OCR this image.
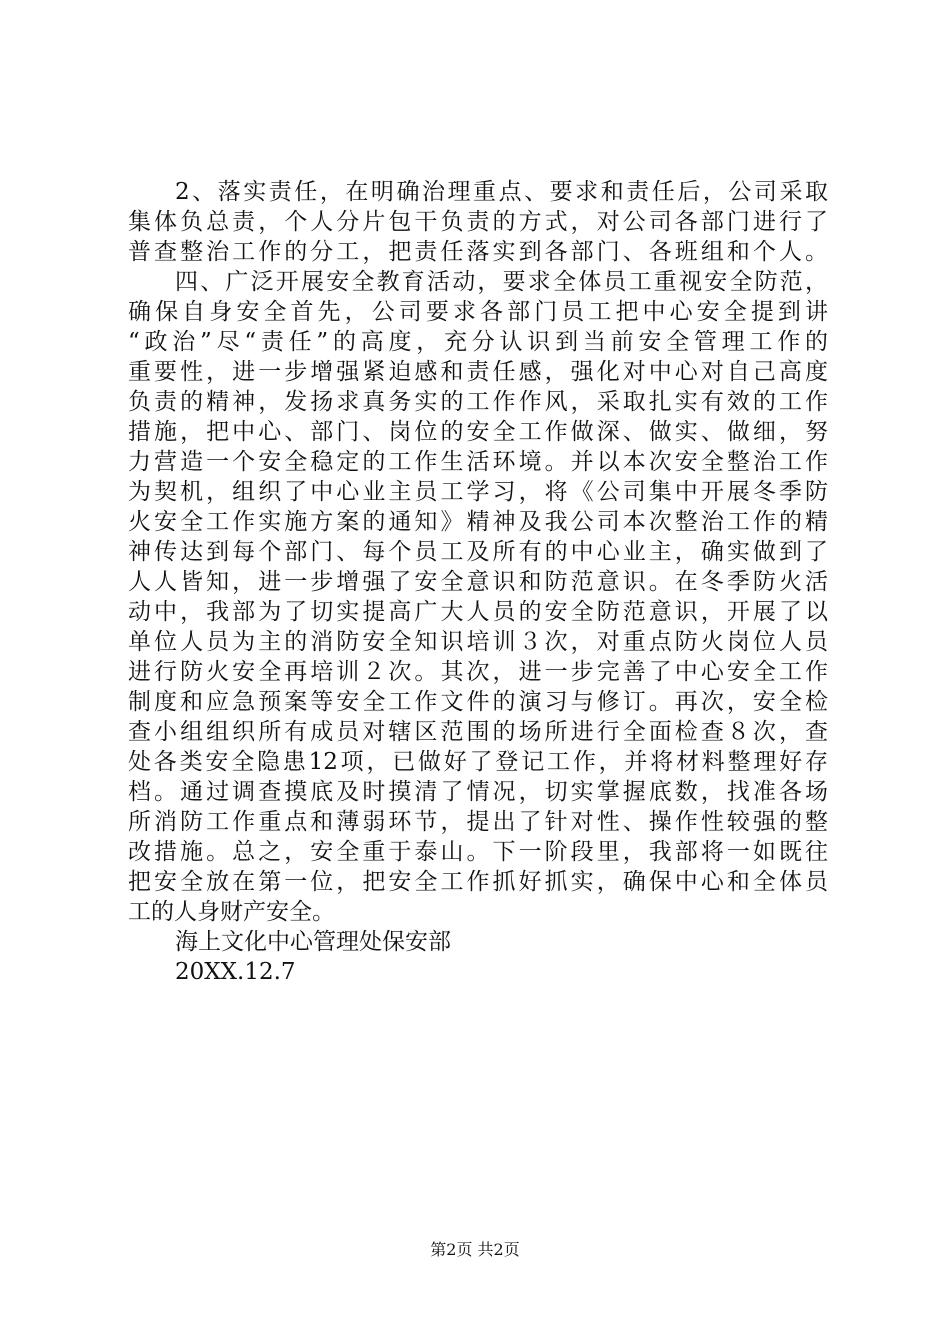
2、落实责任，在明确治理重点、要求和责任后，公司采取
集体负总责，个人分片包干负责的方式，对公司各部门进行了
普查整治工作的分工，把责任落实到各部门、各班组和个人。
四、广泛开展安全教育活动，要求全体员工重视安全防范，
确保自身安全首先，公司要求各部门员工把中心安全提到讲
“政治”尽“责任”的高度，充分认识到当前安全管理工作的
重要性，进一步增强紧迫感和责任感，强化对中心对自己高度
负责的精神，发扬求真务实的工作作风，采取扎实有效的工作
措施，把中心、部门、岗位的安全工作做深、做实、做细，努
力营造一个安全稳定的工作生活环境。并以本次安全整治工作
为契机，组织了中心业主员工学习，将《公司集中开展冬季防
火安全工作实施方案的通知》精神及我公司本次整治工作的精
神传达到每个部门、每个员工及所有的中心业主，确实做到了
人人皆知，进一步增强了安全意识和防范意识。在冬季防火活
动中，我部为了切实提高广大人员的安全防范意识，开展了以
单位人员为主的消防安全知识培训３次，对重点防火岗位人员
进行防火安全再培训２次。其次，进一步完善了中心安全工作
制度和应急预案等安全工作文件的演习与修订。再次，安全检
查小组组织所有成员对辖区范围的场所进行全面检查８次，查
处各类安全隐患12项，已做好了登记工作，并将材料整理好存
档。通过调查摸底及时摸清了情况，切实掌握底数，找准各场
所消防工作重点和薄弱环节，提出了针对性、操作性较强的整
改措施。总之，安全重于泰山。下一阶段里，我部将一如既往
把安全放在第一位，把安全工作抓好抓实，确保中心和全体员
工的人身财产安全。
海上文化中心管理处保安部
20XX.12.7
第2页 共2页
